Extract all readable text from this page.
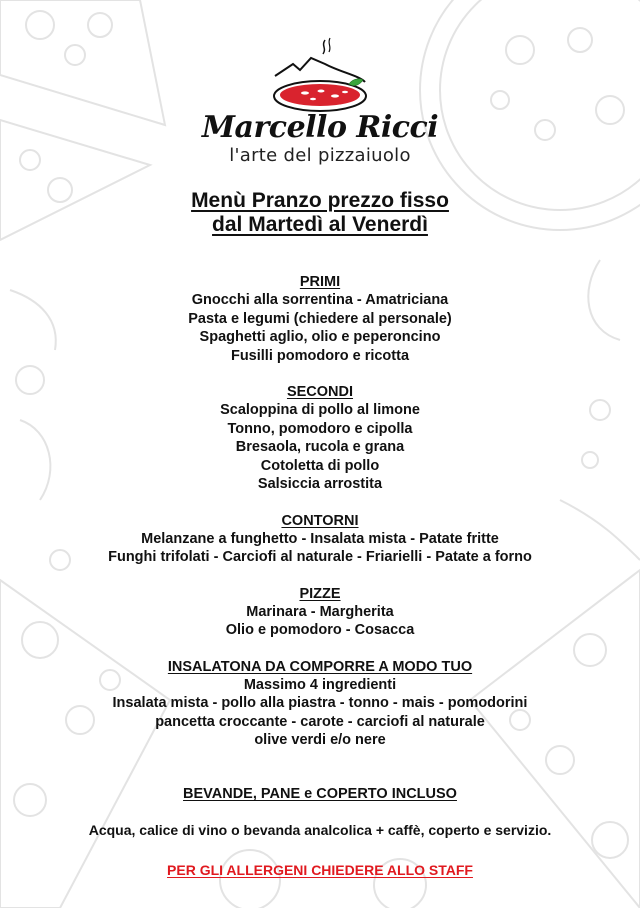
Marcello Ricci
l'arte del pizzaiuolo
Menù Pranzo prezzo fisso
dal Martedì al Venerdì
PRIMI
Gnocchi alla sorrentina - Amatriciana
Pasta e legumi (chiedere al personale)
Spaghetti aglio, olio e peperoncino
Fusilli pomodoro e ricotta
SECONDI
Scaloppina di pollo al limone
Tonno, pomodoro e cipolla
Bresaola, rucola e grana
Cotoletta di pollo
Salsiccia arrostita
CONTORNI
Melanzane a funghetto - Insalata mista - Patate fritte
Funghi trifolati - Carciofi al naturale - Friarielli - Patate a forno
PIZZE
Marinara - Margherita
Olio e pomodoro - Cosacca
INSALATONA DA COMPORRE A MODO TUO
Massimo 4 ingredienti
Insalata mista - pollo alla piastra - tonno - mais - pomodorini
pancetta croccante - carote - carciofi al naturale
olive verdi e/o nere
BEVANDE, PANE e COPERTO INCLUSO
Acqua, calice di vino o bevanda analcolica + caffè, coperto e servizio.
PER GLI ALLERGENI CHIEDERE ALLO STAFF
